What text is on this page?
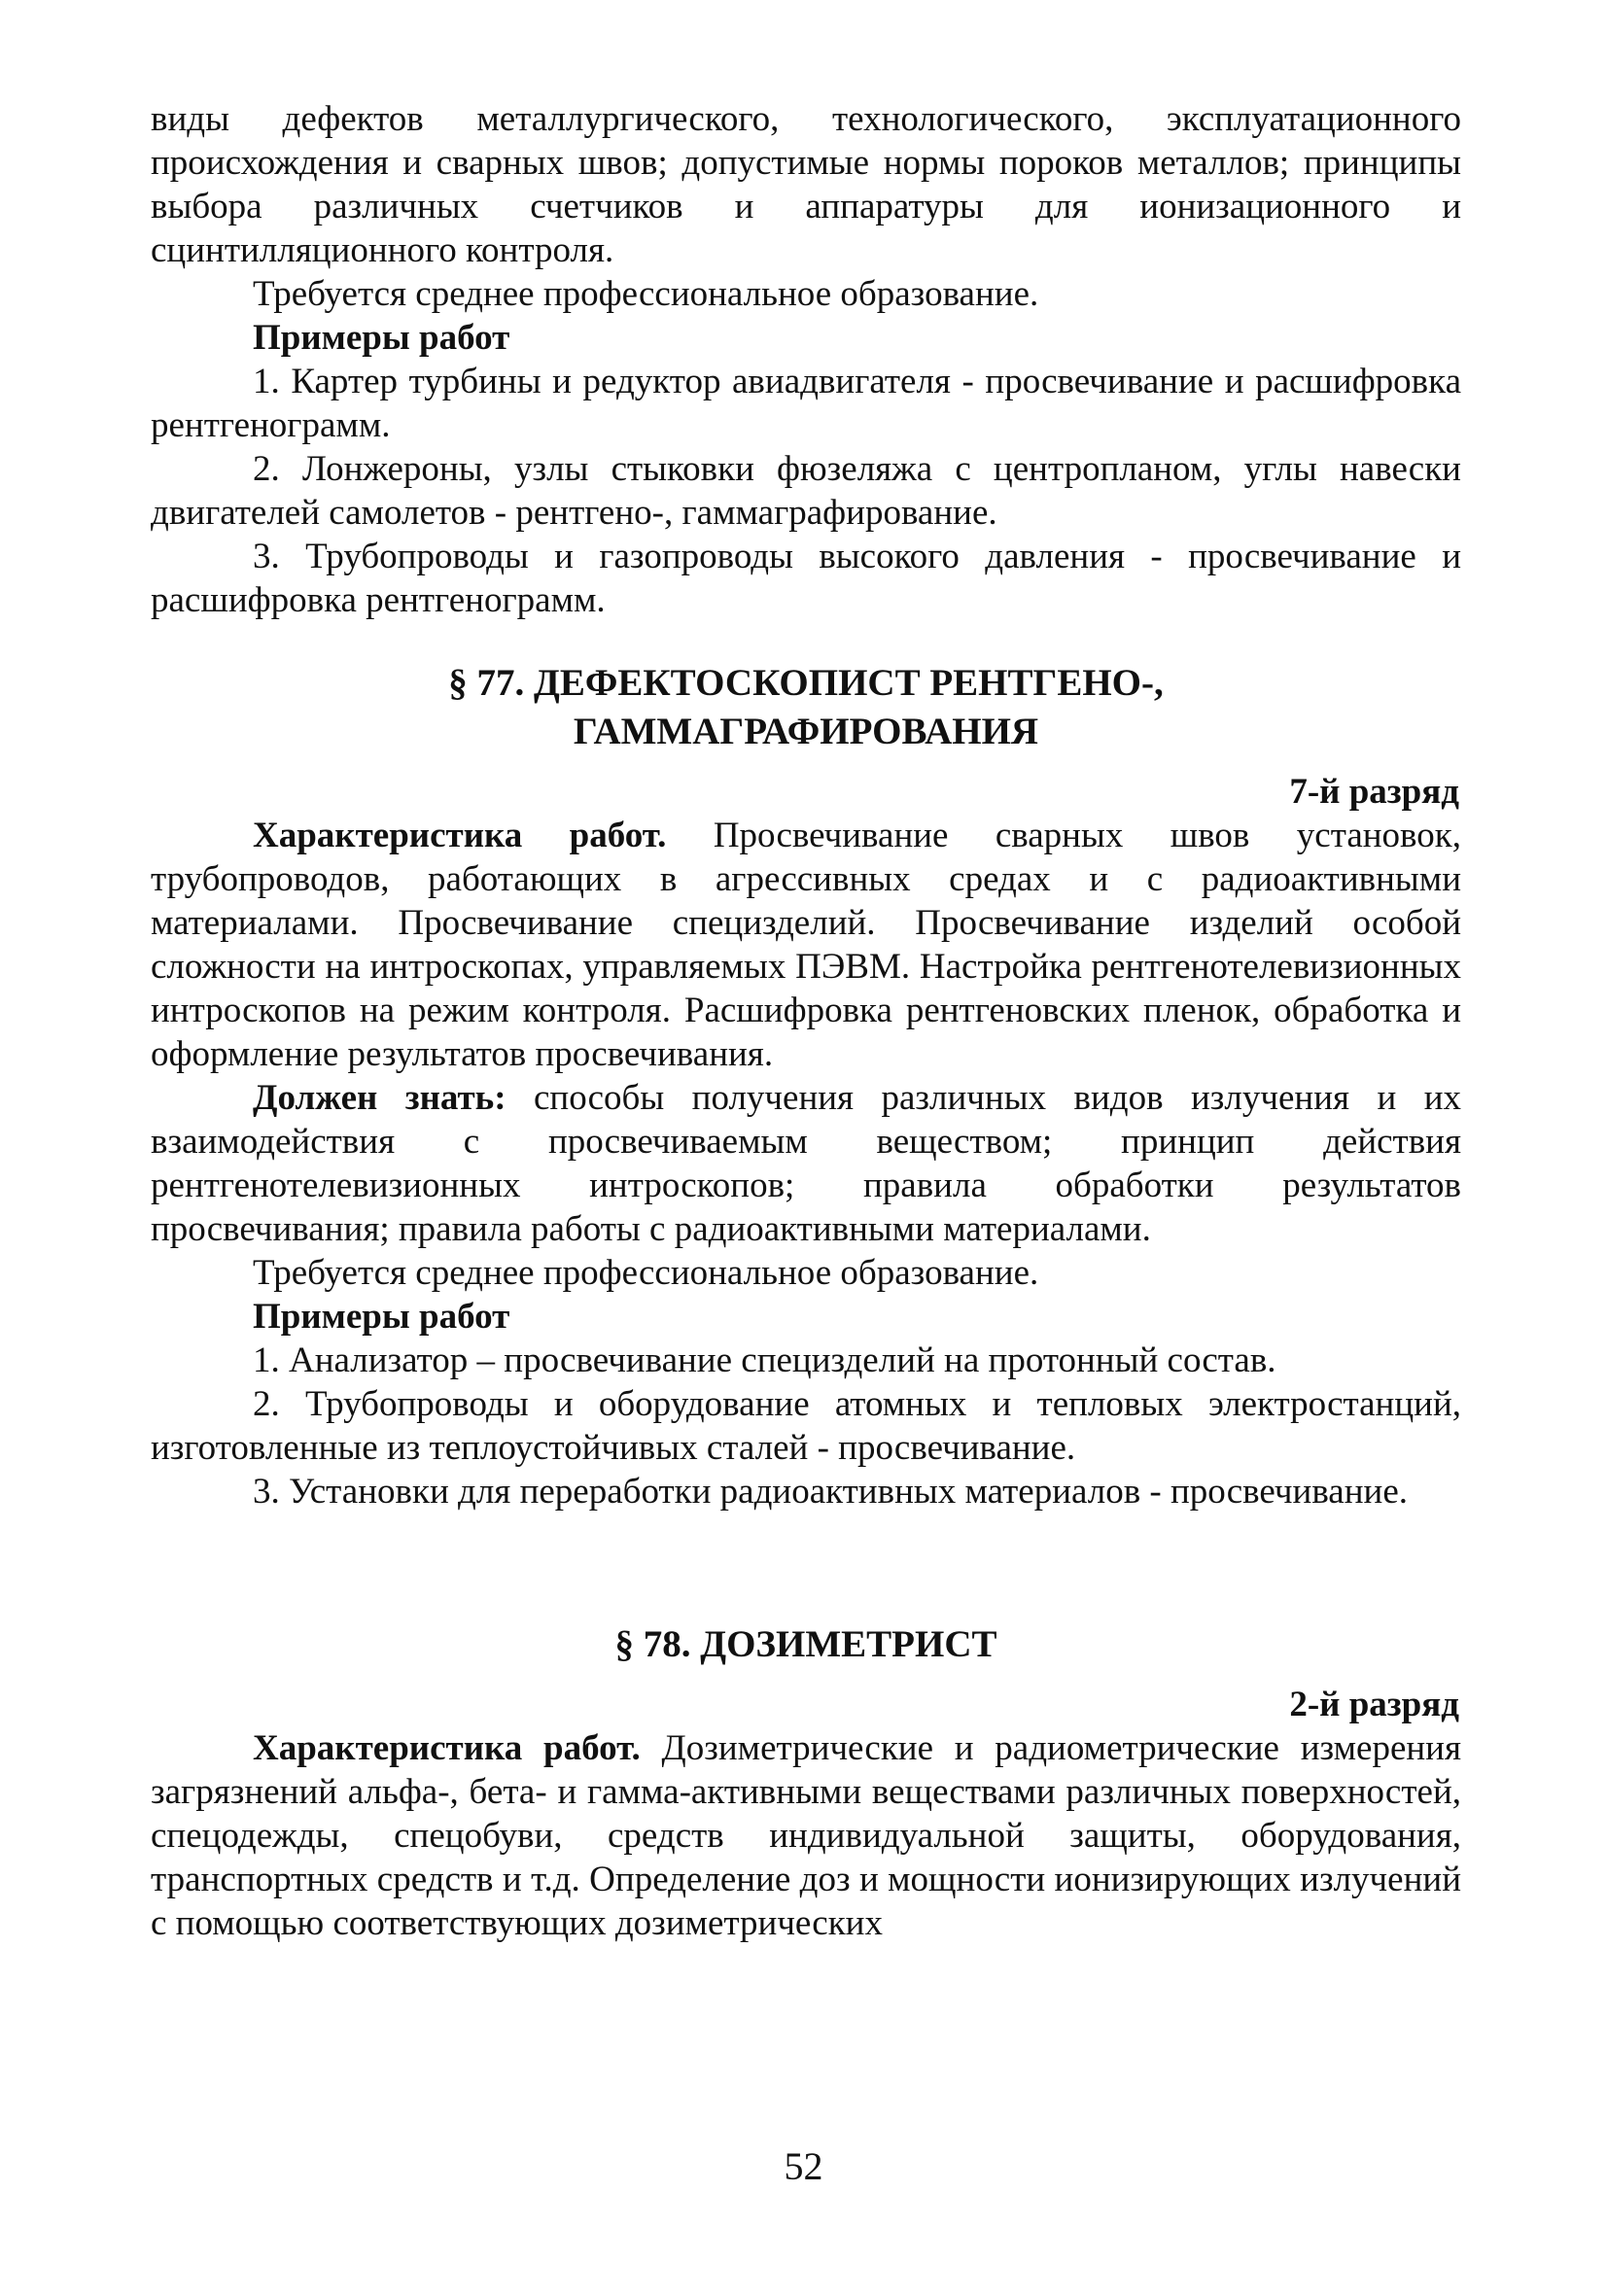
виды дефектов металлургического, технологического, эксплуатационного происхождения и сварных швов; допустимые нормы пороков металлов; принципы выбора различных счетчиков и аппаратуры для ионизационного и сцинтилляционного контроля.

Требуется среднее профессиональное образование.

Примеры работ

1. Картер турбины и редуктор авиадвигателя - просвечивание и расшифровка рентгенограмм.

2. Лонжероны, узлы стыковки фюзеляжа с центропланом, углы навески двигателей самолетов - рентгено-, гаммаграфирование.

3. Трубопроводы и газопроводы высокого давления - просвечивание и расшифровка рентгенограмм.

§ 77. ДЕФЕКТОСКОПИСТ РЕНТГЕНО-,

ГАММАГРАФИРОВАНИЯ

7-й разряд

Характеристика работ. Просвечивание сварных швов установок, трубопроводов, работающих в агрессивных средах и с радиоактивными материалами. Просвечивание специзделий. Просвечивание изделий особой сложности на интроскопах, управляемых ПЭВМ. Настройка рентгенотелевизионных интроскопов на режим контроля. Расшифровка рентгеновских пленок, обработка и оформление результатов просвечивания.

Должен знать: способы получения различных видов излучения и их взаимодействия с просвечиваемым веществом; принцип действия рентгенотелевизионных интроскопов; правила обработки результатов просвечивания; правила работы с радиоактивными материалами.

Требуется среднее профессиональное образование.

Примеры работ

1. Анализатор – просвечивание специзделий на протонный состав.

2. Трубопроводы и оборудование атомных и тепловых электростанций, изготовленные из теплоустойчивых сталей - просвечивание.

3. Установки для переработки радиоактивных материалов - просвечивание.

§ 78. ДОЗИМЕТРИСТ

2-й разряд

Характеристика работ. Дозиметрические и радиометрические измерения загрязнений альфа-, бета- и гамма-активными веществами различных поверхностей, спецодежды, спецобуви, средств индивидуальной защиты, оборудования, транспортных средств и т.д. Определение доз и мощности ионизирующих излучений с помощью соответствующих дозиметрических

52
